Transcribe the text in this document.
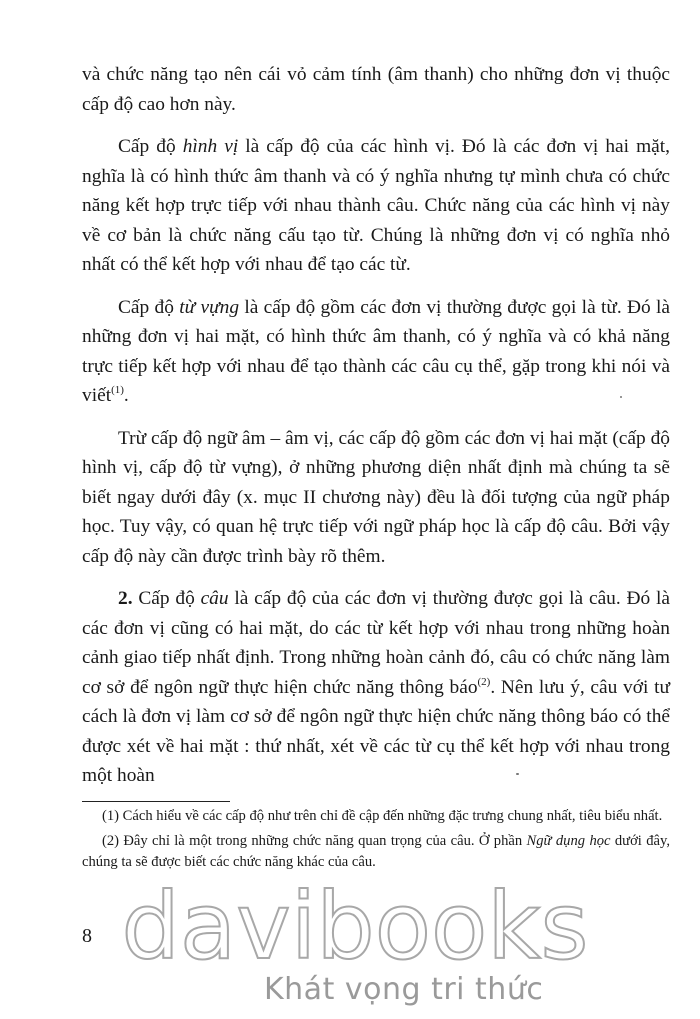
và chức năng tạo nên cái vỏ cảm tính (âm thanh) cho những đơn vị thuộc cấp độ cao hơn này.

Cấp độ hình vị là cấp độ của các hình vị. Đó là các đơn vị hai mặt, nghĩa là có hình thức âm thanh và có ý nghĩa nhưng tự mình chưa có chức năng kết hợp trực tiếp với nhau thành câu. Chức năng của các hình vị này về cơ bản là chức năng cấu tạo từ. Chúng là những đơn vị có nghĩa nhỏ nhất có thể kết hợp với nhau để tạo các từ.

Cấp độ từ vựng là cấp độ gồm các đơn vị thường được gọi là từ. Đó là những đơn vị hai mặt, có hình thức âm thanh, có ý nghĩa và có khả năng trực tiếp kết hợp với nhau để tạo thành các câu cụ thể, gặp trong khi nói và viết$^{(1)}$.

Trừ cấp độ ngữ âm – âm vị, các cấp độ gồm các đơn vị hai mặt (cấp độ hình vị, cấp độ từ vựng), ở những phương diện nhất định mà chúng ta sẽ biết ngay dưới đây (x. mục II chương này) đều là đối tượng của ngữ pháp học. Tuy vậy, có quan hệ trực tiếp với ngữ pháp học là cấp độ câu. Bởi vậy cấp độ này cần được trình bày rõ thêm.

2. Cấp độ câu là cấp độ của các đơn vị thường được gọi là câu. Đó là các đơn vị cũng có hai mặt, do các từ kết hợp với nhau trong những hoàn cảnh giao tiếp nhất định. Trong những hoàn cảnh đó, câu có chức năng làm cơ sở để ngôn ngữ thực hiện chức năng thông báo$^{(2)}$. Nên lưu ý, câu với tư cách là đơn vị làm cơ sở để ngôn ngữ thực hiện chức năng thông báo có thể được xét về hai mặt : thứ nhất, xét về các từ cụ thể kết hợp với nhau trong một hoàn

(1) Cách hiểu về các cấp độ như trên chỉ đề cập đến những đặc trưng chung nhất, tiêu biểu nhất.

(2) Đây chỉ là một trong những chức năng quan trọng của câu. Ở phần Ngữ dụng học dưới đây, chúng ta sẽ được biết các chức năng khác của câu.

8 davibooks
Khát vọng tri thức
